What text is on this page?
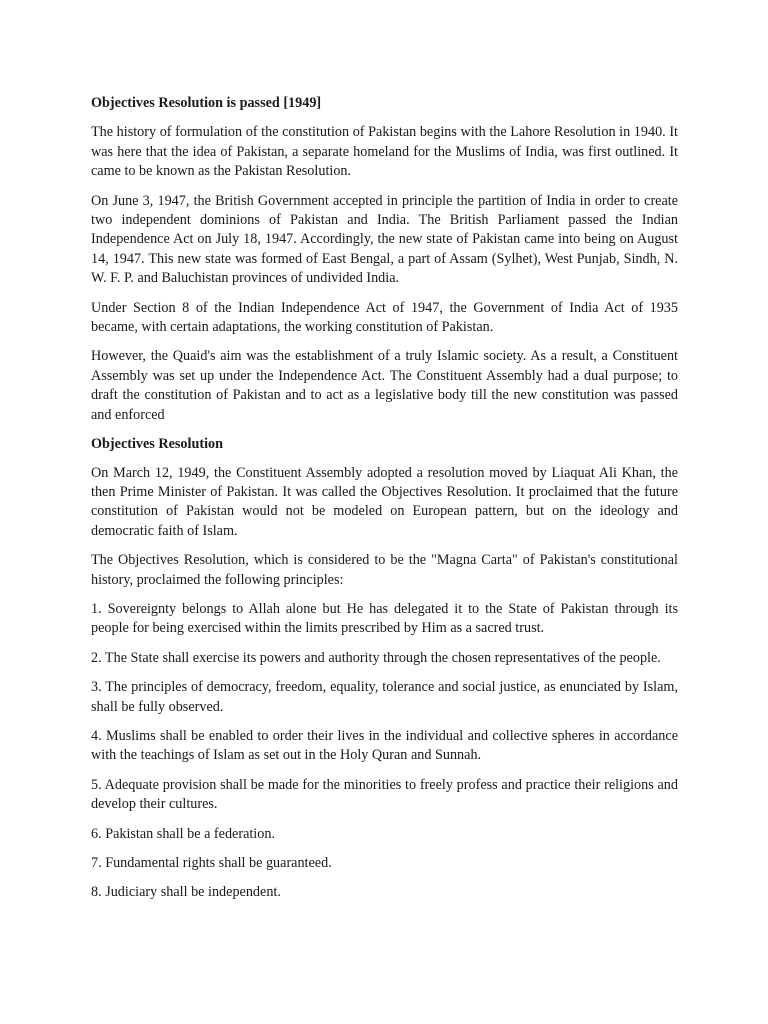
Objectives Resolution is passed [1949]

The history of formulation of the constitution of Pakistan begins with the Lahore Resolution in 1940. It was here that the idea of Pakistan, a separate homeland for the Muslims of India, was first outlined. It came to be known as the Pakistan Resolution.

On June 3, 1947, the British Government accepted in principle the partition of India in order to create two independent dominions of Pakistan and India. The British Parliament passed the Indian Independence Act on July 18, 1947. Accordingly, the new state of Pakistan came into being on August 14, 1947. This new state was formed of East Bengal, a part of Assam (Sylhet), West Punjab, Sindh, N. W. F. P. and Baluchistan provinces of undivided India.

Under Section 8 of the Indian Independence Act of 1947, the Government of India Act of 1935 became, with certain adaptations, the working constitution of Pakistan.

However, the Quaid's aim was the establishment of a truly Islamic society. As a result, a Constituent Assembly was set up under the Independence Act. The Constituent Assembly had a dual purpose; to draft the constitution of Pakistan and to act as a legislative body till the new constitution was passed and enforced

Objectives Resolution

On March 12, 1949, the Constituent Assembly adopted a resolution moved by Liaquat Ali Khan, the then Prime Minister of Pakistan. It was called the Objectives Resolution. It proclaimed that the future constitution of Pakistan would not be modeled on European pattern, but on the ideology and democratic faith of Islam.

The Objectives Resolution, which is considered to be the "Magna Carta" of Pakistan's constitutional history, proclaimed the following principles:

1. Sovereignty belongs to Allah alone but He has delegated it to the State of Pakistan through its people for being exercised within the limits prescribed by Him as a sacred trust.

2. The State shall exercise its powers and authority through the chosen representatives of the people.

3. The principles of democracy, freedom, equality, tolerance and social justice, as enunciated by Islam, shall be fully observed.

4. Muslims shall be enabled to order their lives in the individual and collective spheres in accordance with the teachings of Islam as set out in the Holy Quran and Sunnah.

5. Adequate provision shall be made for the minorities to freely profess and practice their religions and develop their cultures.

6. Pakistan shall be a federation.

7. Fundamental rights shall be guaranteed.

8. Judiciary shall be independent.
